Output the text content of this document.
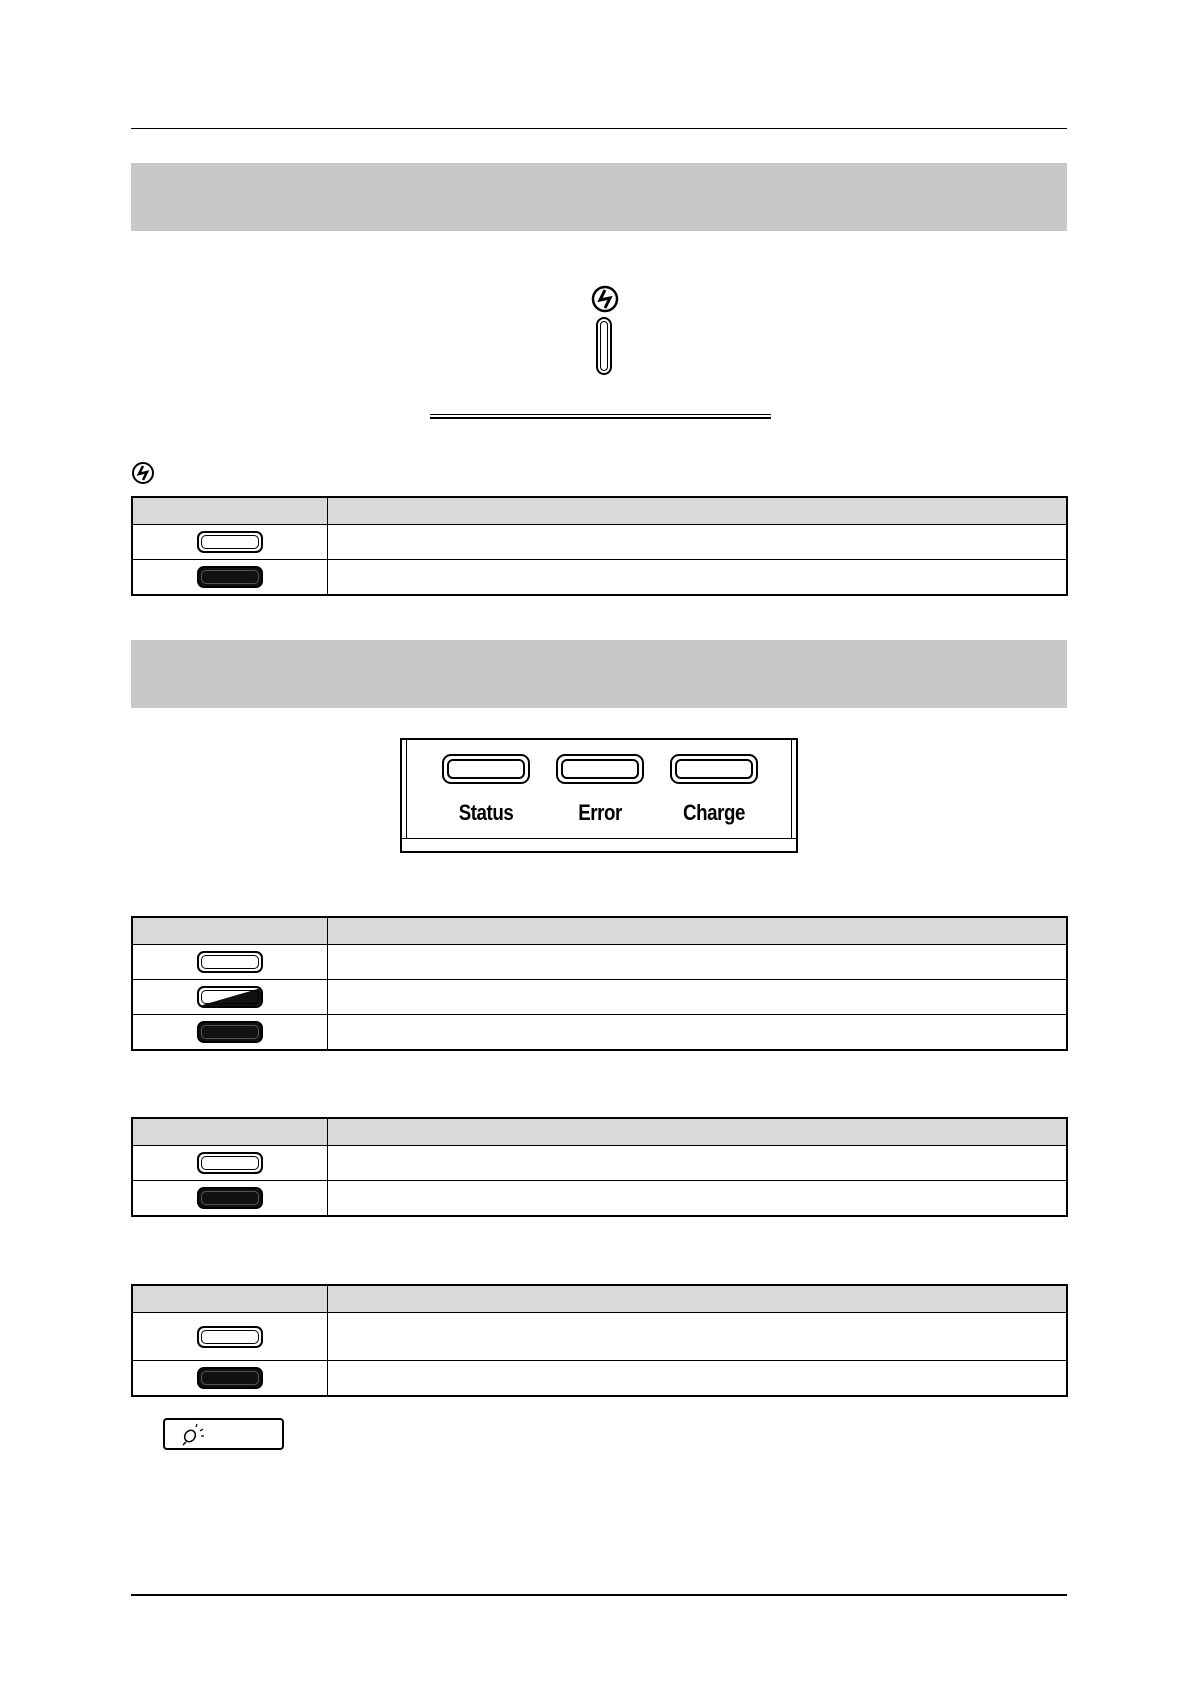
Status	Error	Charge
